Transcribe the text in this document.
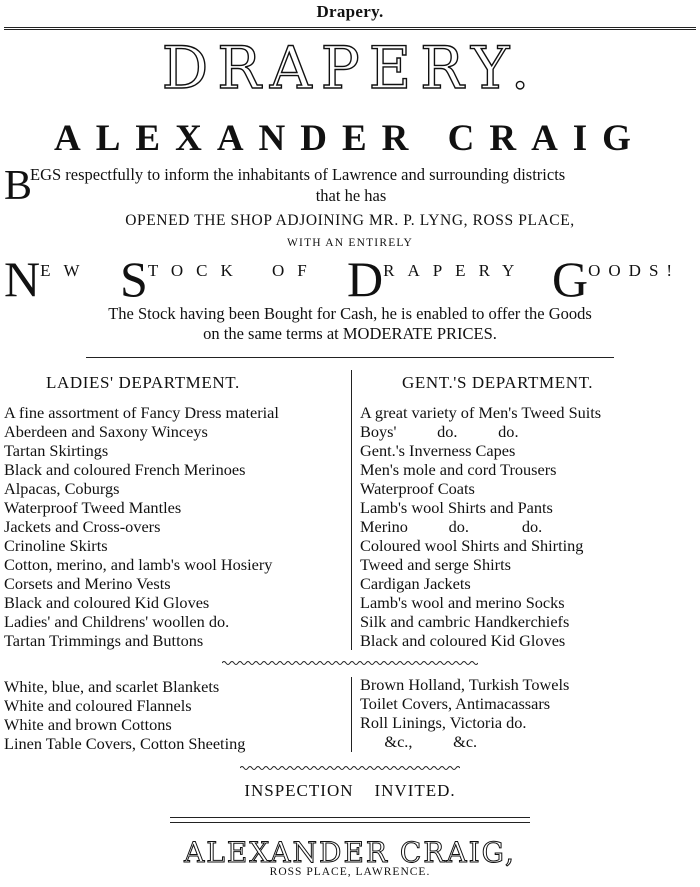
Drapery.
DRAPERY.
ALEXANDER CRAIG
B
EGS respectfully to inform the inhabitants of Lawrence and surrounding districts
that he has
OPENED THE SHOP ADJOINING MR. P. LYNG, ROSS PLACE,
WITH AN ENTIRELY
NEW STOCK OF DRAPERY GOODS!
The Stock having been Bought for Cash, he is enabled to offer the Goods
on the same terms at MODERATE PRICES.
LADIES' DEPARTMENT.	GENT.'S DEPARTMENT.
A fine assortment of Fancy Dress material
Aberdeen and Saxony Winceys
Tartan Skirtings
Black and coloured French Merinoes
Alpacas, Coburgs
Waterproof Tweed Mantles
Jackets and Cross-overs
Crinoline Skirts
Cotton, merino, and lamb's wool Hosiery
Corsets and Merino Vests
Black and coloured Kid Gloves
Ladies' and Childrens' woollen do.
Tartan Trimmings and Buttons
A great variety of Men's Tweed Suits
Boys'          do.          do.
Gent.'s Inverness Capes
Men's mole and cord Trousers
Waterproof Coats
Lamb's wool Shirts and Pants
Merino          do.             do.
Coloured wool Shirts and Shirting
Tweed and serge Shirts
Cardigan Jackets
Lamb's wool and merino Socks
Silk and cambric Handkerchiefs
Black and coloured Kid Gloves
White, blue, and scarlet Blankets
White and coloured Flannels
White and brown Cottons
Linen Table Covers, Cotton Sheeting
Brown Holland, Turkish Towels
Toilet Covers, Antimacassars
Roll Linings, Victoria do.
&c.,          &c.
INSPECTION    INVITED.
ALEXANDER CRAIG,
ROSS PLACE, LAWRENCE.
